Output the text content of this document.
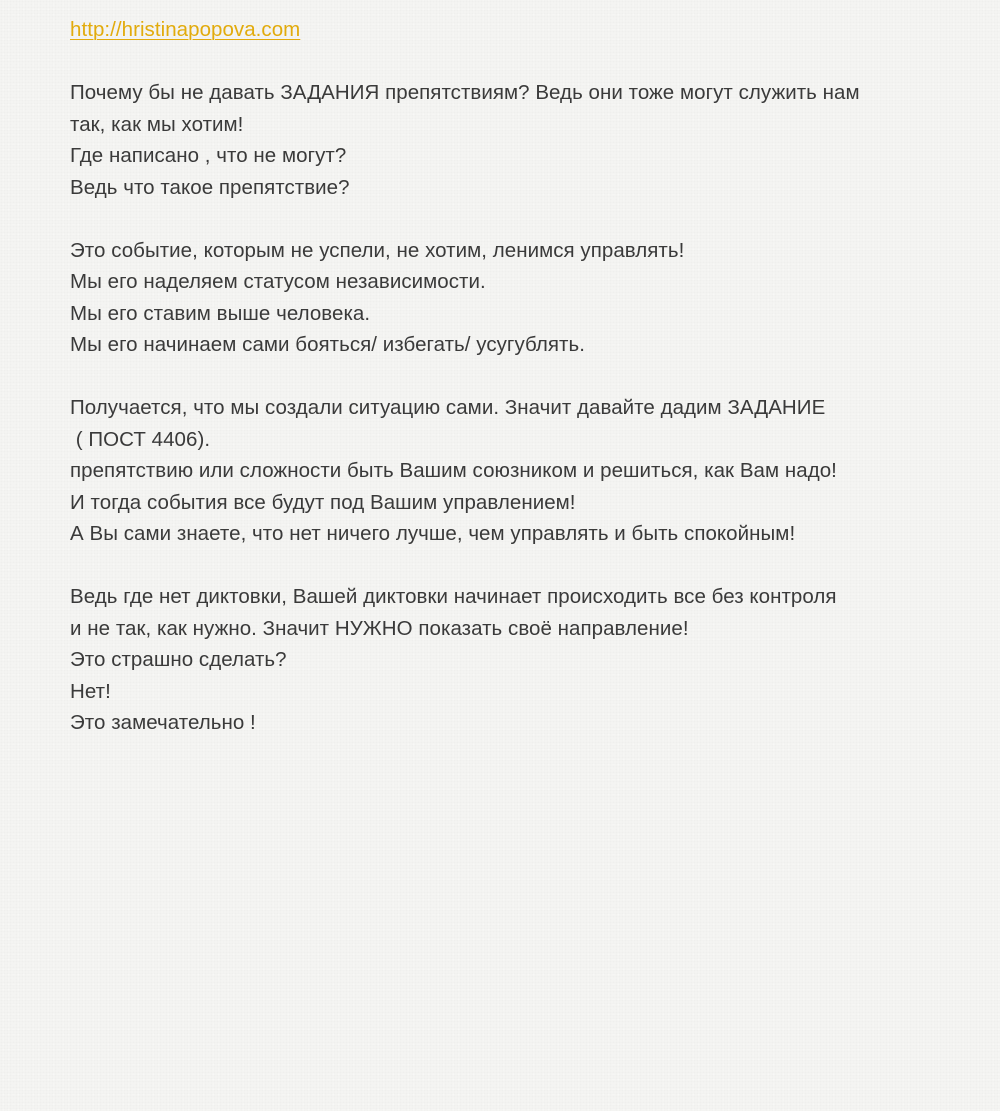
http://hristinapopova.com
Почему бы не давать ЗАДАНИЯ препятствиям? Ведь они тоже могут служить нам
так, как мы хотим!
Где написано , что не могут?
Ведь что такое препятствие?
Это событие, которым не успели, не хотим, ленимся управлять!
Мы его наделяем статусом независимости.
Мы его ставим выше человека.
Мы его начинаем сами бояться/ избегать/ усугублять.
Получается, что мы создали ситуацию сами. Значит давайте дадим ЗАДАНИЕ
( ПОСТ 4406).
препятствию или сложности быть Вашим союзником и решиться, как Вам надо!
И тогда события все будут под Вашим управлением!
А Вы сами знаете, что нет ничего лучше, чем управлять и быть спокойным!
Ведь где нет диктовки, Вашей диктовки начинает происходить все без контроля
и не так, как нужно. Значит НУЖНО показать своё направление!
Это страшно сделать?
Нет!
Это замечательно !
